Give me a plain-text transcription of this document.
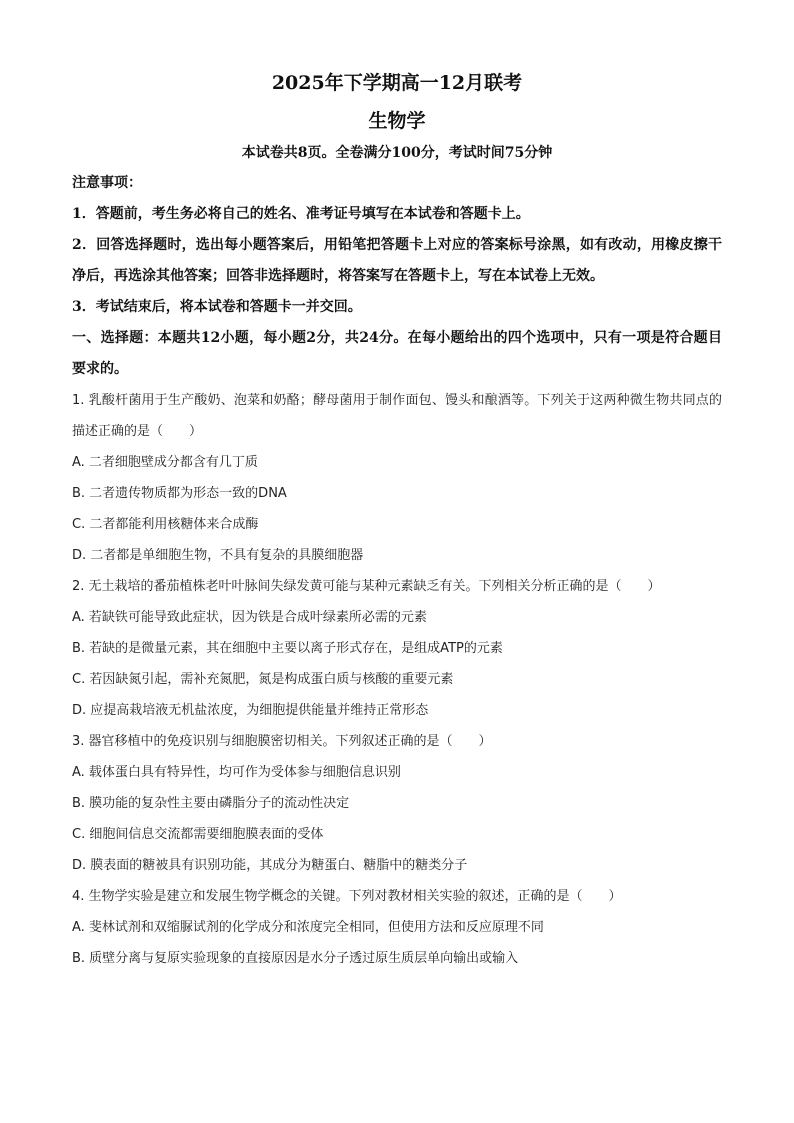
2025年下学期高一12月联考
生物学
本试卷共8页。全卷满分100分，考试时间75分钟

注意事项：

1．答题前，考生务必将自己的姓名、准考证号填写在本试卷和答题卡上。

2．回答选择题时，选出每小题答案后，用铅笔把答题卡上对应的答案标号涂黑，如有改动，用橡皮擦干净后，再选涂其他答案；回答非选择题时，将答案写在答题卡上，写在本试卷上无效。

3．考试结束后，将本试卷和答题卡一并交回。

一、选择题：本题共12小题，每小题2分，共24分。在每小题给出的四个选项中，只有一项是符合题目要求的。

1. 乳酸杆菌用于生产酸奶、泡菜和奶酪；酵母菌用于制作面包、馒头和酿酒等。下列关于这两种微生物共同点的描述正确的是（　　）

A. 二者细胞壁成分都含有几丁质

B. 二者遗传物质都为形态一致的DNA

C. 二者都能利用核糖体来合成酶

D. 二者都是单细胞生物，不具有复杂的具膜细胞器

2. 无土栽培的番茄植株老叶叶脉间失绿发黄可能与某种元素缺乏有关。下列相关分析正确的是（　　）

A. 若缺铁可能导致此症状，因为铁是合成叶绿素所必需的元素

B. 若缺的是微量元素，其在细胞中主要以离子形式存在，是组成ATP的元素

C. 若因缺氮引起，需补充氮肥，氮是构成蛋白质与核酸的重要元素

D. 应提高栽培液无机盐浓度，为细胞提供能量并维持正常形态

3. 器官移植中的免疫识别与细胞膜密切相关。下列叙述正确的是（　　）

A. 载体蛋白具有特异性，均可作为受体参与细胞信息识别

B. 膜功能的复杂性主要由磷脂分子的流动性决定

C. 细胞间信息交流都需要细胞膜表面的受体

D. 膜表面的糖被具有识别功能，其成分为糖蛋白、糖脂中的糖类分子

4. 生物学实验是建立和发展生物学概念的关键。下列对教材相关实验的叙述，正确的是（　　）

A. 斐林试剂和双缩脲试剂的化学成分和浓度完全相同，但使用方法和反应原理不同

B. 质壁分离与复原实验现象的直接原因是水分子透过原生质层单向输出或输入
